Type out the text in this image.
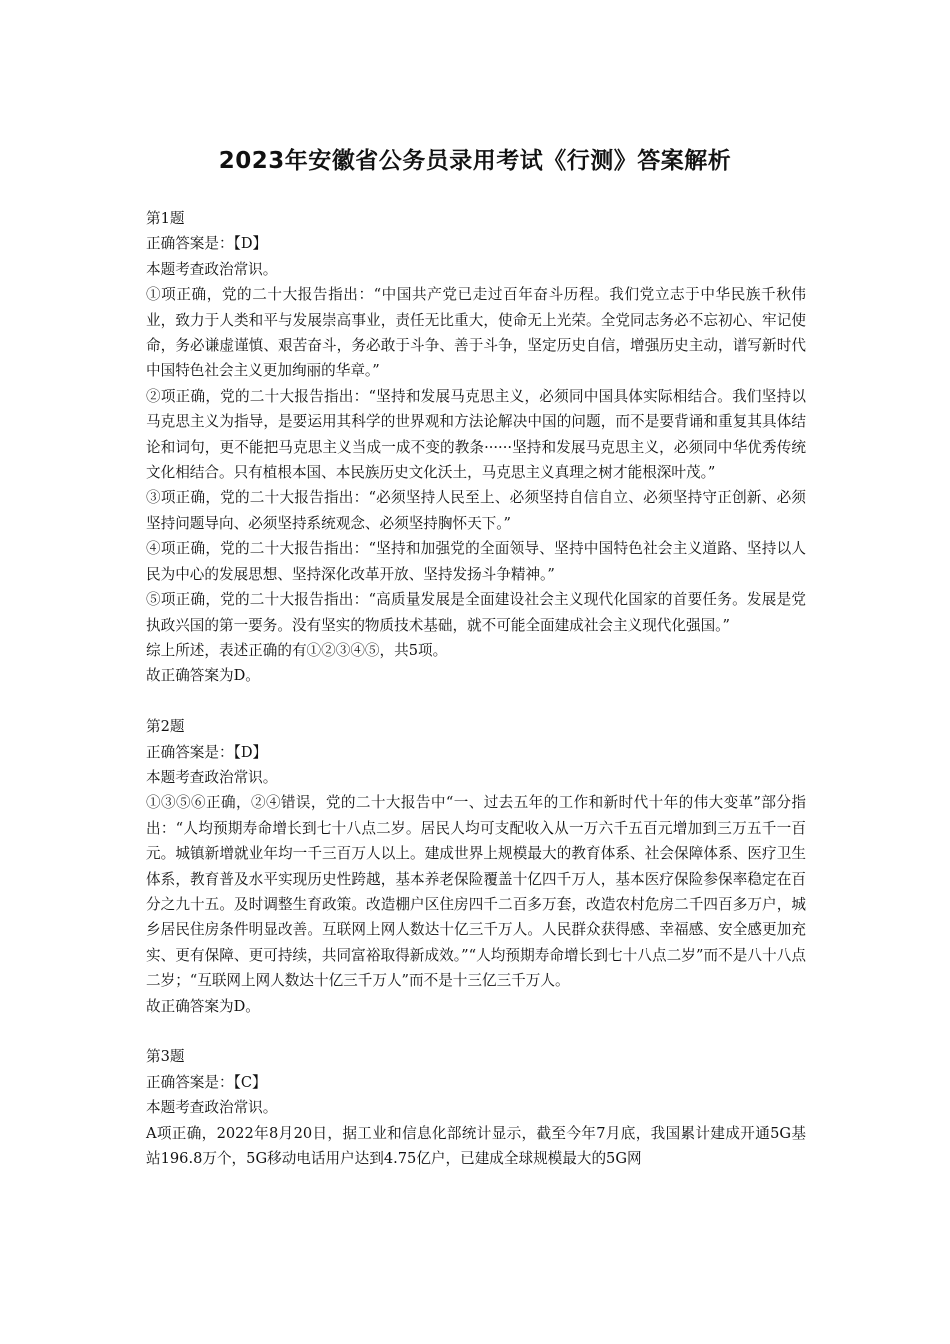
2023年安徽省公务员录用考试《行测》答案解析

第1题

正确答案是：【D】

本题考查政治常识。

①项正确，党的二十大报告指出：“中国共产党已走过百年奋斗历程。我们党立志于中华民族千秋伟业，致力于人类和平与发展崇高事业，责任无比重大，使命无上光荣。全党同志务必不忘初心、牢记使命，务必谦虚谨慎、艰苦奋斗，务必敢于斗争、善于斗争，坚定历史自信，增强历史主动，谱写新时代中国特色社会主义更加绚丽的华章。”

②项正确，党的二十大报告指出：“坚持和发展马克思主义，必须同中国具体实际相结合。我们坚持以马克思主义为指导，是要运用其科学的世界观和方法论解决中国的问题，而不是要背诵和重复其具体结论和词句，更不能把马克思主义当成一成不变的教条······坚持和发展马克思主义，必须同中华优秀传统文化相结合。只有植根本国、本民族历史文化沃土，马克思主义真理之树才能根深叶茂。”

③项正确，党的二十大报告指出：“必须坚持人民至上、必须坚持自信自立、必须坚持守正创新、必须坚持问题导向、必须坚持系统观念、必须坚持胸怀天下。”

④项正确，党的二十大报告指出：“坚持和加强党的全面领导、坚持中国特色社会主义道路、坚持以人民为中心的发展思想、坚持深化改革开放、坚持发扬斗争精神。”

⑤项正确，党的二十大报告指出：“高质量发展是全面建设社会主义现代化国家的首要任务。发展是党执政兴国的第一要务。没有坚实的物质技术基础，就不可能全面建成社会主义现代化强国。”

综上所述，表述正确的有①②③④⑤，共5项。

故正确答案为D。

第2题

正确答案是：【D】

本题考查政治常识。

①③⑤⑥正确，②④错误，党的二十大报告中“一、过去五年的工作和新时代十年的伟大变革”部分指出：“人均预期寿命增长到七十八点二岁。居民人均可支配收入从一万六千五百元增加到三万五千一百元。城镇新增就业年均一千三百万人以上。建成世界上规模最大的教育体系、社会保障体系、医疗卫生体系，教育普及水平实现历史性跨越，基本养老保险覆盖十亿四千万人，基本医疗保险参保率稳定在百分之九十五。及时调整生育政策。改造棚户区住房四千二百多万套，改造农村危房二千四百多万户，城乡居民住房条件明显改善。互联网上网人数达十亿三千万人。人民群众获得感、幸福感、安全感更加充实、更有保障、更可持续，共同富裕取得新成效。”“人均预期寿命增长到七十八点二岁”而不是八十八点二岁；“互联网上网人数达十亿三千万人”而不是十三亿三千万人。

故正确答案为D。

第3题

正确答案是：【C】

本题考查政治常识。

A项正确，2022年8月20日，据工业和信息化部统计显示，截至今年7月底，我国累计建成开通5G基站196.8万个，5G移动电话用户达到4.75亿户，已建成全球规模最大的5G网
